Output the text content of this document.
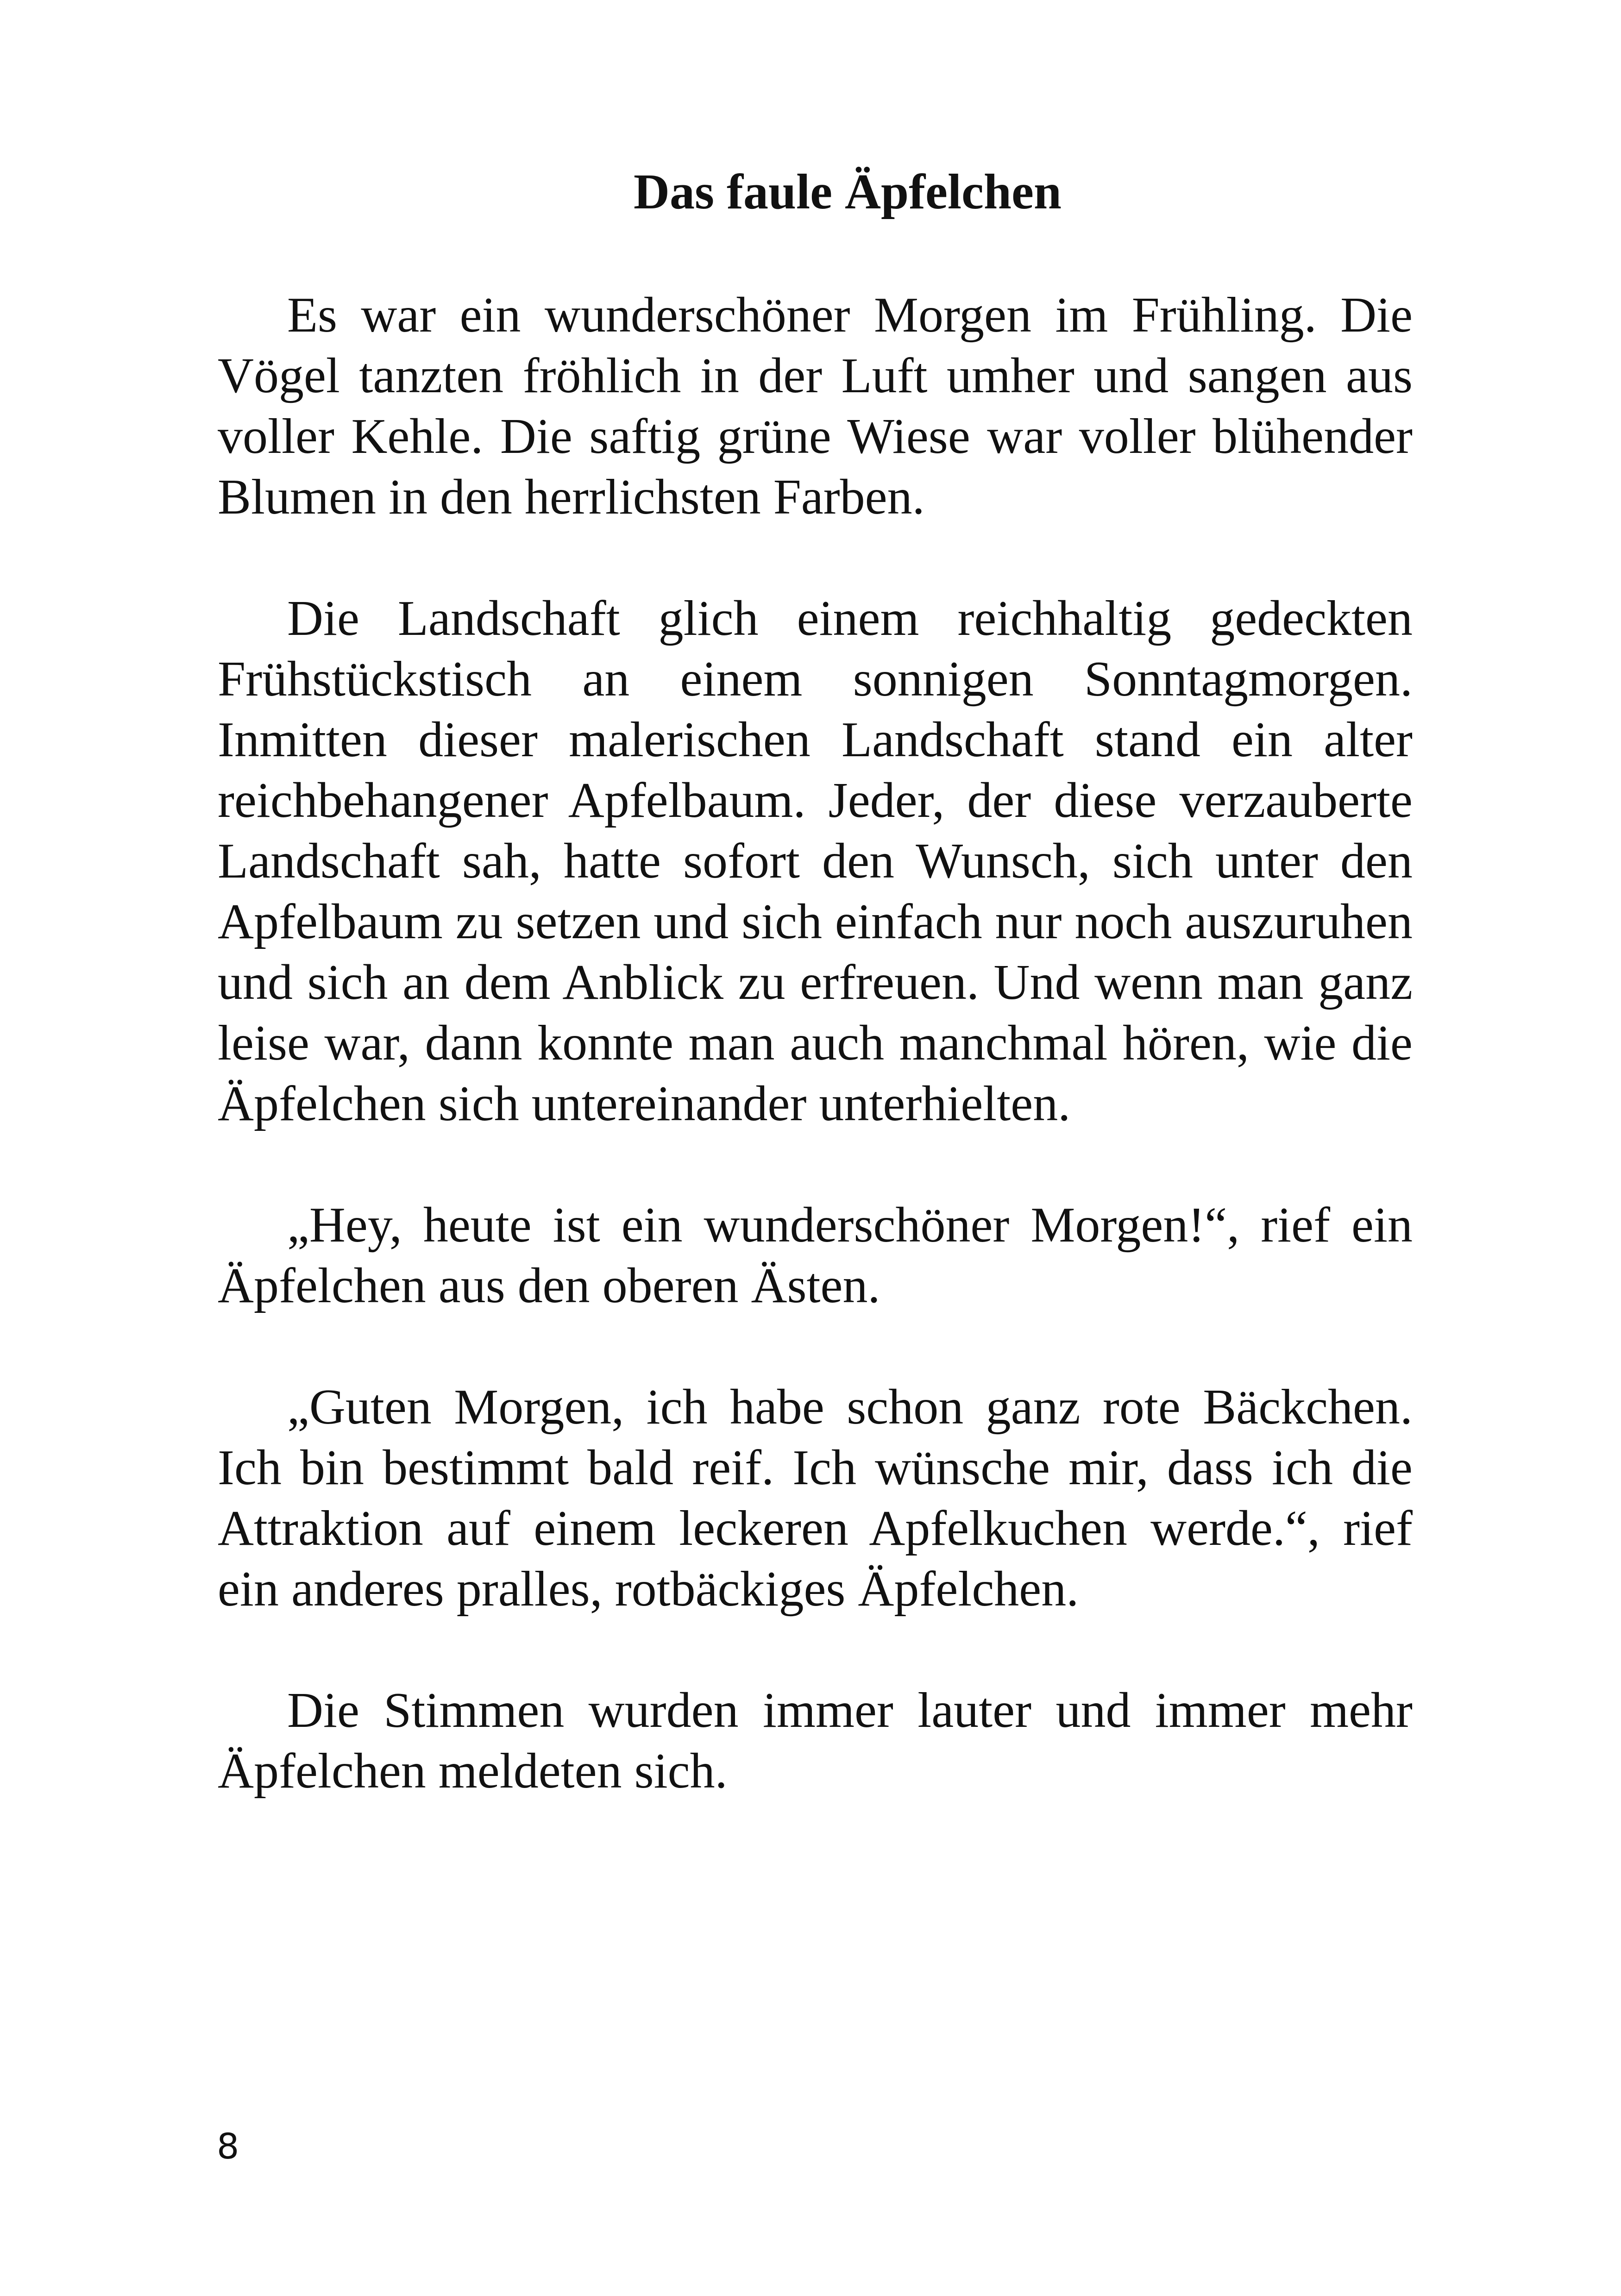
Das faule Äpfelchen

Es war ein wunderschöner Morgen im Frühling. Die Vögel tanzten fröhlich in der Luft umher und sangen aus voller Kehle. Die saftig grüne Wiese war voller blühender Blumen in den herrlichsten Farben.

Die Landschaft glich einem reichhaltig gedeckten Frühstückstisch an einem sonnigen Sonntagmorgen. Inmitten dieser malerischen Landschaft stand ein alter reichbehangener Apfelbaum. Jeder, der diese verzauberte Landschaft sah, hatte sofort den Wunsch, sich unter den Apfelbaum zu setzen und sich einfach nur noch auszuruhen und sich an dem Anblick zu erfreuen. Und wenn man ganz leise war, dann konnte man auch manchmal hören, wie die Äpfelchen sich untereinander unterhielten.

„Hey, heute ist ein wunderschöner Morgen!“, rief ein Äpfelchen aus den oberen Ästen.

„Guten Morgen, ich habe schon ganz rote Bäckchen. Ich bin bestimmt bald reif. Ich wünsche mir, dass ich die Attraktion auf einem leckeren Apfelkuchen werde.“, rief ein anderes pralles, rotbäckiges Äpfelchen.

Die Stimmen wurden immer lauter und immer mehr Äpfelchen meldeten sich.

8
